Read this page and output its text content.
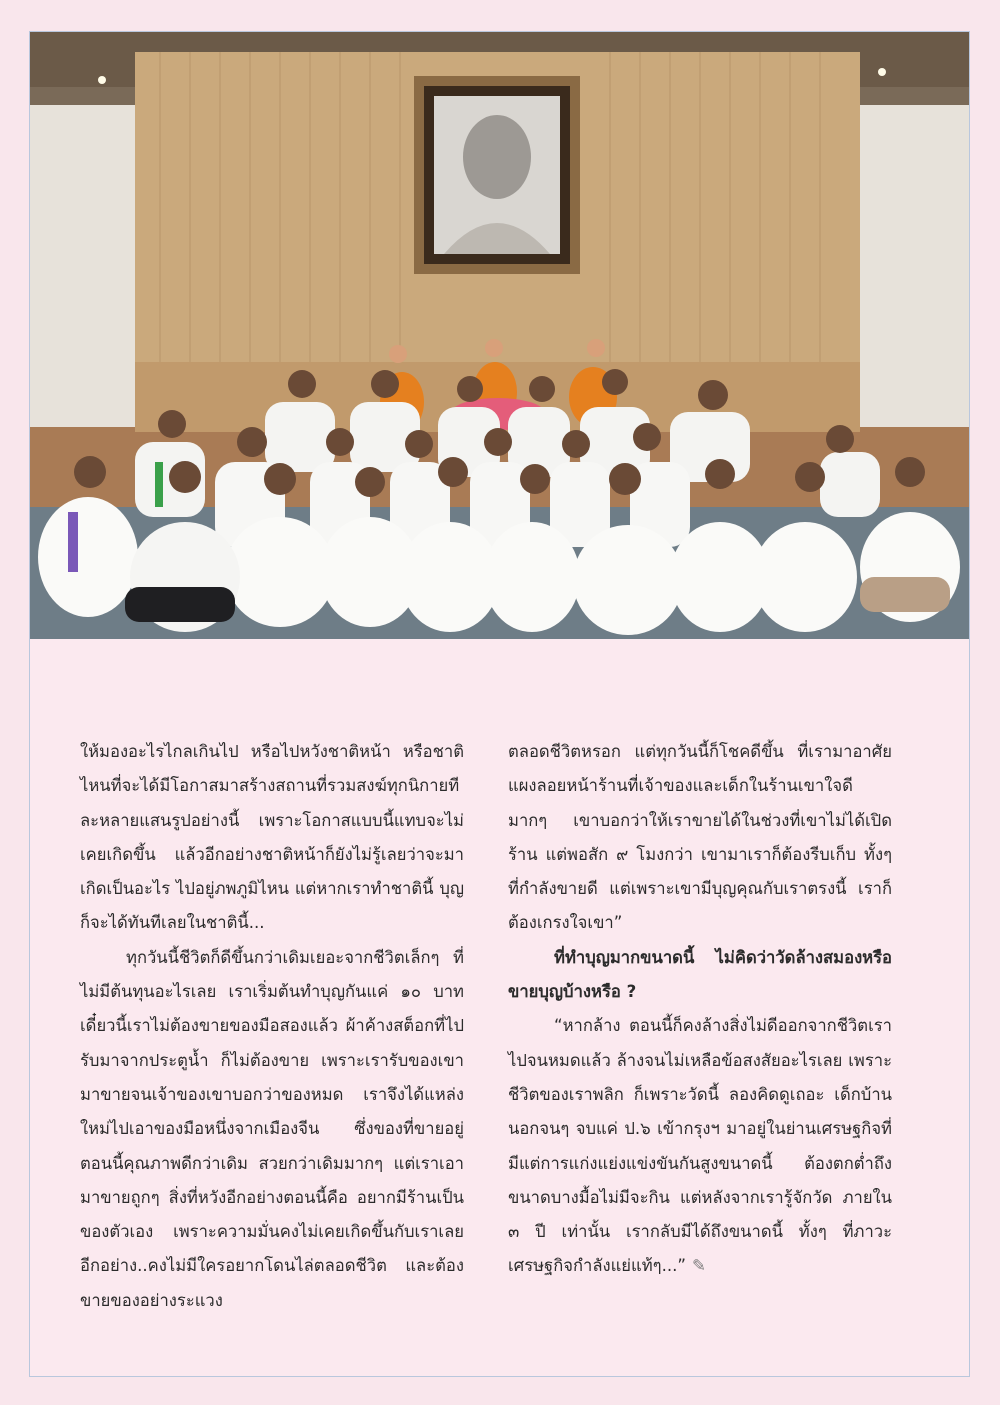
ให้มองอะไรไกลเกินไป หรือไปหวังชาติหน้า หรือชาติไหนที่จะได้มีโอกาสมาสร้างสถานที่รวมสงฆ์ทุกนิกายทีละหลายแสนรูปอย่างนี้ เพราะโอกาสแบบนี้แทบจะไม่เคยเกิดขึ้น แล้วอีกอย่างชาติหน้าก็ยังไม่รู้เลยว่าจะมาเกิดเป็นอะไร ไปอยู่ภพภูมิไหน แต่หากเราทำชาตินี้ บุญก็จะได้ทันทีเลยในชาตินี้...

ทุกวันนี้ชีวิตก็ดีขึ้นกว่าเดิมเยอะจากชีวิตเล็กๆ ที่ไม่มีต้นทุนอะไรเลย เราเริ่มต้นทำบุญกันแค่ ๑๐ บาท เดี๋ยวนี้เราไม่ต้องขายของมือสองแล้ว ผ้าค้างสต็อกที่ไปรับมาจากประตูน้ำ ก็ไม่ต้องขาย เพราะเรารับของเขามาขายจนเจ้าของเขาบอกว่าของหมด เราจึงได้แหล่งใหม่ไปเอาของมือหนึ่งจากเมืองจีน ซึ่งของที่ขายอยู่ตอนนี้คุณภาพดีกว่าเดิม สวยกว่าเดิมมากๆ แต่เราเอามาขายถูกๆ สิ่งที่หวังอีกอย่างตอนนี้คือ อยากมีร้านเป็นของตัวเอง เพราะความมั่นคงไม่เคยเกิดขึ้นกับเราเลย อีกอย่าง..คงไม่มีใครอยากโดนไล่ตลอดชีวิต และต้องขายของอย่างระแวง

ตลอดชีวิตหรอก แต่ทุกวันนี้ก็โชคดีขึ้น ที่เรามาอาศัยแผงลอยหน้าร้านที่เจ้าของและเด็กในร้านเขาใจดีมากๆ เขาบอกว่าให้เราขายได้ในช่วงที่เขาไม่ได้เปิดร้าน แต่พอสัก ๙ โมงกว่า เขามาเราก็ต้องรีบเก็บ ทั้งๆ ที่กำลังขายดี แต่เพราะเขามีบุญคุณกับเราตรงนี้ เราก็ต้องเกรงใจเขา”

ที่ทำบุญมากขนาดนี้ ไม่คิดว่าวัดล้างสมองหรือขายบุญบ้างหรือ ?

“หากล้าง ตอนนี้ก็คงล้างสิ่งไม่ดีออกจากชีวิตเราไปจนหมดแล้ว ล้างจนไม่เหลือข้อสงสัยอะไรเลย เพราะชีวิตของเราพลิก ก็เพราะวัดนี้ ลองคิดดูเถอะ เด็กบ้านนอกจนๆ จบแค่ ป.๖ เข้ากรุงฯ มาอยู่ในย่านเศรษฐกิจที่มีแต่การแก่งแย่งแข่งขันกันสูงขนาดนี้ ต้องตกต่ำถึงขนาดบางมื้อไม่มีจะกิน แต่หลังจากเรารู้จักวัด ภายใน ๓ ปี เท่านั้น เรากลับมีได้ถึงขนาดนี้ ทั้งๆ ที่ภาวะเศรษฐกิจกำลังแย่แท้ๆ...” ✎
